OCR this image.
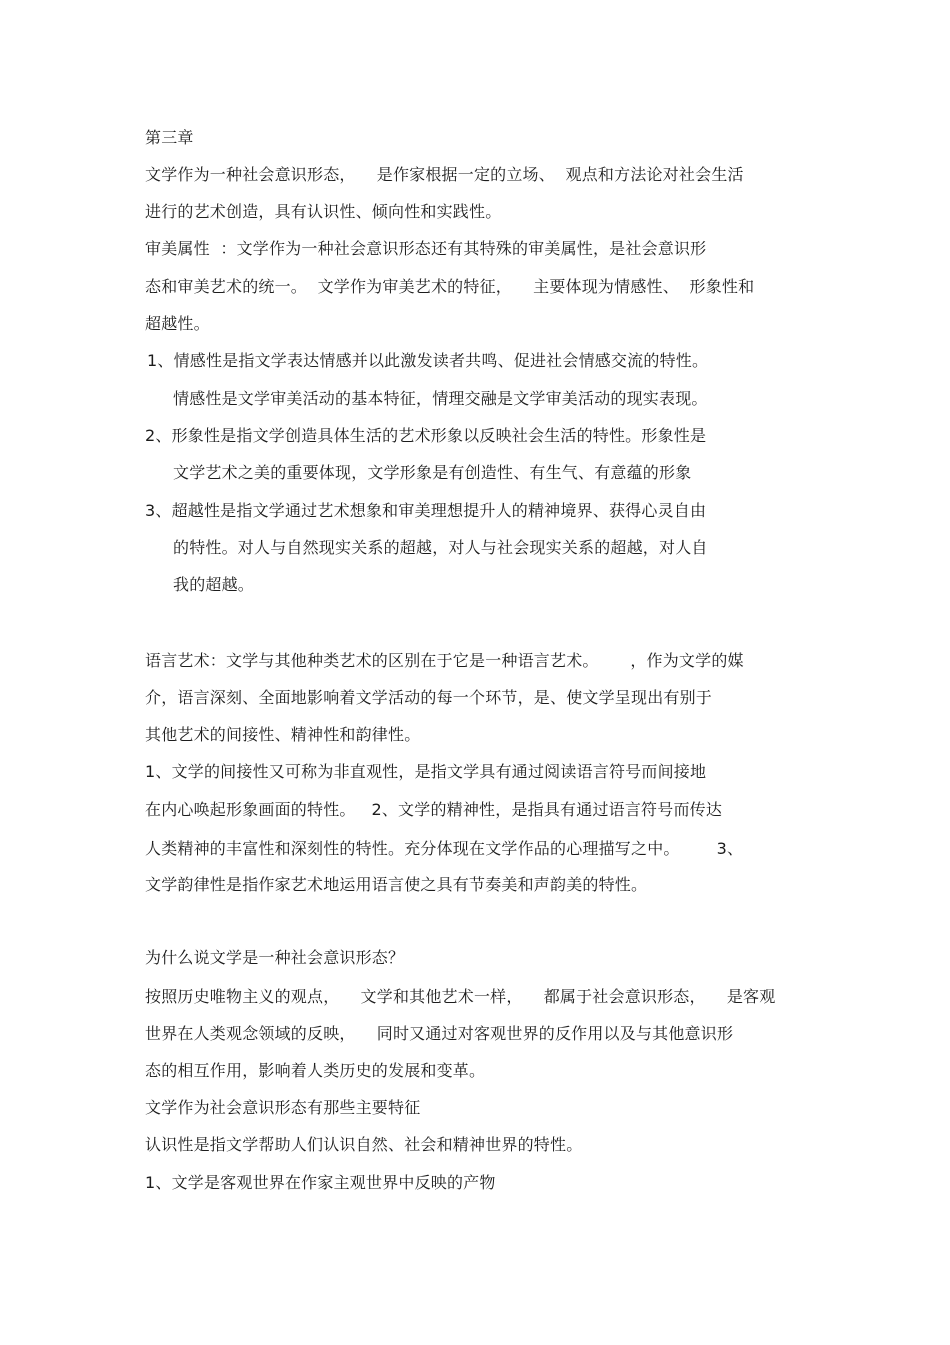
第三章
文学作为一种社会意识形态，    是作家根据一定的立场、  观点和方法论对社会生活
进行的艺术创造，具有认识性、倾向性和实践性。
审美属性  ：文学作为一种社会意识形态还有其特殊的审美属性，是社会意识形
态和审美艺术的统一。  文学作为审美艺术的特征，    主要体现为情感性、  形象性和
超越性。
1、情感性是指文学表达情感并以此激发读者共鸣、促进社会情感交流的特性。
情感性是文学审美活动的基本特征，情理交融是文学审美活动的现实表现。
2、形象性是指文学创造具体生活的艺术形象以反映社会生活的特性。形象性是
文学艺术之美的重要体现，文学形象是有创造性、有生气、有意蕴的形象
3、超越性是指文学通过艺术想象和审美理想提升人的精神境界、获得心灵自由
的特性。对人与自然现实关系的超越，对人与社会现实关系的超越，对人自
我的超越。
语言艺术：文学与其他种类艺术的区别在于它是一种语言艺术。      ，作为文学的媒
介，语言深刻、全面地影响着文学活动的每一个环节，是、使文学呈现出有别于
其他艺术的间接性、精神性和韵律性。
1、文学的间接性又可称为非直观性，是指文学具有通过阅读语言符号而间接地
在内心唤起形象画面的特性。   2、文学的精神性，是指具有通过语言符号而传达
人类精神的丰富性和深刻性的特性。充分体现在文学作品的心理描写之中。       3、
文学韵律性是指作家艺术地运用语言使之具有节奏美和声韵美的特性。
为什么说文学是一种社会意识形态？
按照历史唯物主义的观点，    文学和其他艺术一样，    都属于社会意识形态，    是客观
世界在人类观念领域的反映，    同时又通过对客观世界的反作用以及与其他意识形
态的相互作用，影响着人类历史的发展和变革。
文学作为社会意识形态有那些主要特征
认识性是指文学帮助人们认识自然、社会和精神世界的特性。
1、文学是客观世界在作家主观世界中反映的产物
